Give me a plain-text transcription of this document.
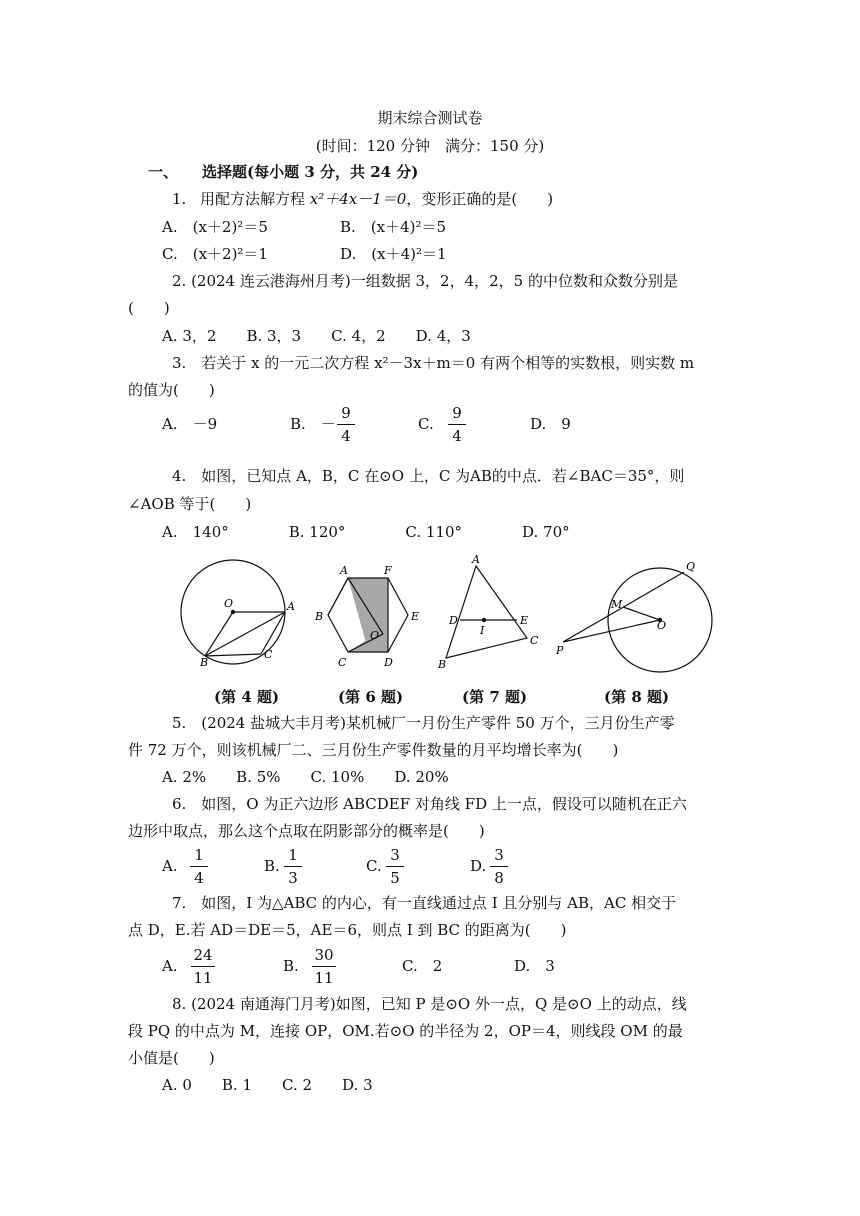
期末综合测试卷
(时间：120 分钟　满分：150 分)
一、 选择题(每小题 3 分，共 24 分)
1. 用配方法解方程 x²＋4x－1＝0，变形正确的是(　　)
A.　(x＋2)²＝5	B.　(x＋4)²＝5
C.　(x＋2)²＝1	D.　(x＋4)²＝1
2. (2024 连云港海州月考)一组数据 3，2，4，2，5 的中位数和众数分别是
(　　)
A. 3，2　　B. 3，3　　C. 4，2　　D. 4，3
3.　若关于 x 的一元二次方程 x²－3x＋m＝0 有两个相等的实数根，则实数 m
的值为(　　)
A.　－9	B.　－ $\frac{9}{4}$	C. $\frac{9}{4}$	D.　9
4.　如图，已知点 A，B，C 在⊙O 上，C 为AB的中点．若∠BAC＝35°，则
∠AOB 等于(　　)
A.　140°　　　　B. 120°　　　　C. 110°　　　　D. 70°
O	A
B
C
A	F
B	E
O
C	D
A
D
I
E
C
B
Q
M
O
P
(第 4 题)	(第 6 题)	(第 7 题)	(第 8 题)
5.　(2024 盐城大丰月考)某机械厂一月份生产零件 50 万个，三月份生产零
件 72 万个，则该机械厂二、三月份生产零件数量的月平均增长率为(　　)
A. 2%　　B. 5%　　C. 10%　　D. 20%
6.　如图，O 为正六边形 ABCDEF 对角线 FD 上一点，假设可以随机在正六
边形中取点，那么这个点取在阴影部分的概率是(　　)
A. $\frac{1}{4}$	B. $\frac{1}{3}$	C. $\frac{3}{5}$	D. $\frac{3}{8}$
7.　如图，I 为△ABC 的内心，有一直线通过点 I 且分别与 AB，AC 相交于
点 D，E.若 AD＝DE＝5，AE＝6，则点 I 到 BC 的距离为(　　)
A. $\frac{24}{11}$	B. $\frac{30}{11}$	C.　2	D.　3
8. (2024 南通海门月考)如图，已知 P 是⊙O 外一点，Q 是⊙O 上的动点，线
段 PQ 的中点为 M，连接 OP，OM.若⊙O 的半径为 2，OP＝4，则线段 OM 的最
小值是(　　)
A. 0　　B. 1　　C. 2　　D. 3
